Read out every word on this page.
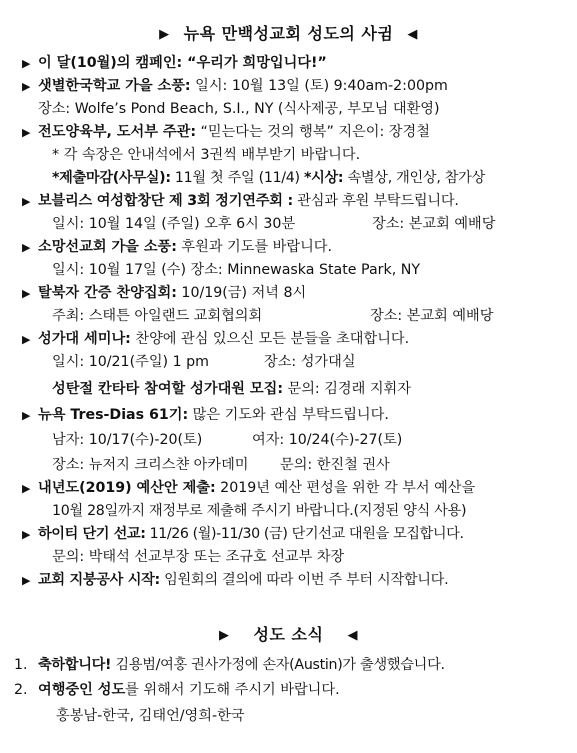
▶ 뉴욕 만백성교회 성도의 사귐 ◀
▶ 이 달(10월)의 캠페인: “우리가 희망입니다!”
▶ 샛별한국학교 가을 소풍: 일시: 10월 13일 (토) 9:40am-2:00pm
장소: Wolfe’s Pond Beach, S.I., NY (식사제공, 부모님 대환영)
▶ 전도양육부, 도서부 주관: “믿는다는 것의 행복” 지은이: 장경철
* 각 속장은 안내석에서 3권씩 배부받기 바랍니다.
*제출마감(사무실): 11월 첫 주일 (11/4) *시상: 속별상, 개인상, 참가상
▶ 보블리스 여성합창단 제 3회 정기연주회 : 관심과 후원 부탁드립니다.
일시: 10월 14일 (주일) 오후 6시 30분	장소: 본교회 예배당
▶ 소망선교회 가을 소풍: 후원과 기도를 바랍니다.
일시: 10월 17일 (수) 장소: Minnewaska State Park, NY
▶ 탈북자 간증 찬양집회: 10/19(금) 저녁 8시
주최: 스태튼 아일랜드 교회협의회	장소: 본교회 예배당
▶ 성가대 세미나: 찬양에 관심 있으신 모든 분들을 초대합니다.
일시: 10/21(주일) 1 pm	장소: 성가대실
성탄절 칸타타 참여할 성가대원 모집: 문의: 김경래 지휘자
▶ 뉴욕 Tres-Dias 61기: 많은 기도와 관심 부탁드립니다.
남자: 10/17(수)-20(토)	여자: 10/24(수)-27(토)
장소: 뉴저지 크리스챤 아카데미 문의: 한진철 권사
▶ 내년도(2019) 예산안 제출: 2019년 예산 편성을 위한 각 부서 예산을
10월 28일까지 재정부로 제출해 주시기 바랍니다.(지정된 양식 사용)
▶ 하이티 단기 선교: 11/26 (월)-11/30 (금) 단기선교 대원을 모집합니다.
문의: 박태석 선교부장 또는 조규호 선교부 차장
▶ 교회 지붕공사 시작: 임원회의 결의에 따라 이번 주 부터 시작합니다.
▶ 성도 소식 ◀
1. 축하합니다! 김용범/여홍 권사가정에 손자(Austin)가 출생했습니다.
2. 여행중인 성도를 위해서 기도해 주시기 바랍니다.
홍봉남-한국, 김태언/영희-한국
